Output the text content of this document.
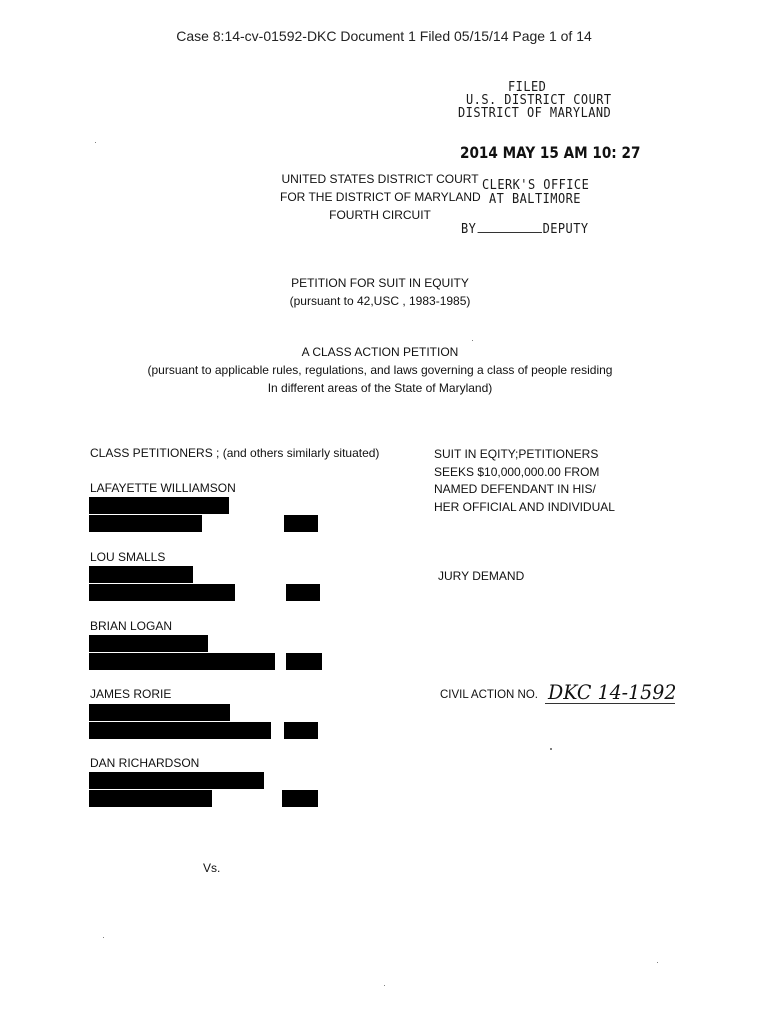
Case 8:14-cv-01592-DKC Document 1 Filed 05/15/14 Page 1 of 14
FILED
U.S. DISTRICT COURT
DISTRICT OF MARYLAND
2014 MAY 15 AM 10: 27
CLERK'S OFFICE
AT BALTIMORE
BY	DEPUTY
UNITED STATES DISTRICT COURT
FOR THE DISTRICT OF MARYLAND
FOURTH CIRCUIT
PETITION FOR SUIT IN EQUITY
(pursuant to 42,USC , 1983-1985)
A CLASS ACTION PETITION
(pursuant to applicable rules, regulations, and laws governing a class of people residing
In different areas of the State of Maryland)
CLASS PETITIONERS ; (and others similarly situated)
LAFAYETTE WILLIAMSON
LOU SMALLS
BRIAN LOGAN
JAMES RORIE
DAN RICHARDSON
SUIT IN EQITY;PETITIONERS
SEEKS $10,000,000.00 FROM
NAMED DEFENDANT IN HIS/
HER OFFICIAL AND INDIVIDUAL
JURY DEMAND
CIVIL ACTION NO. DKC 14-1592
Vs.
